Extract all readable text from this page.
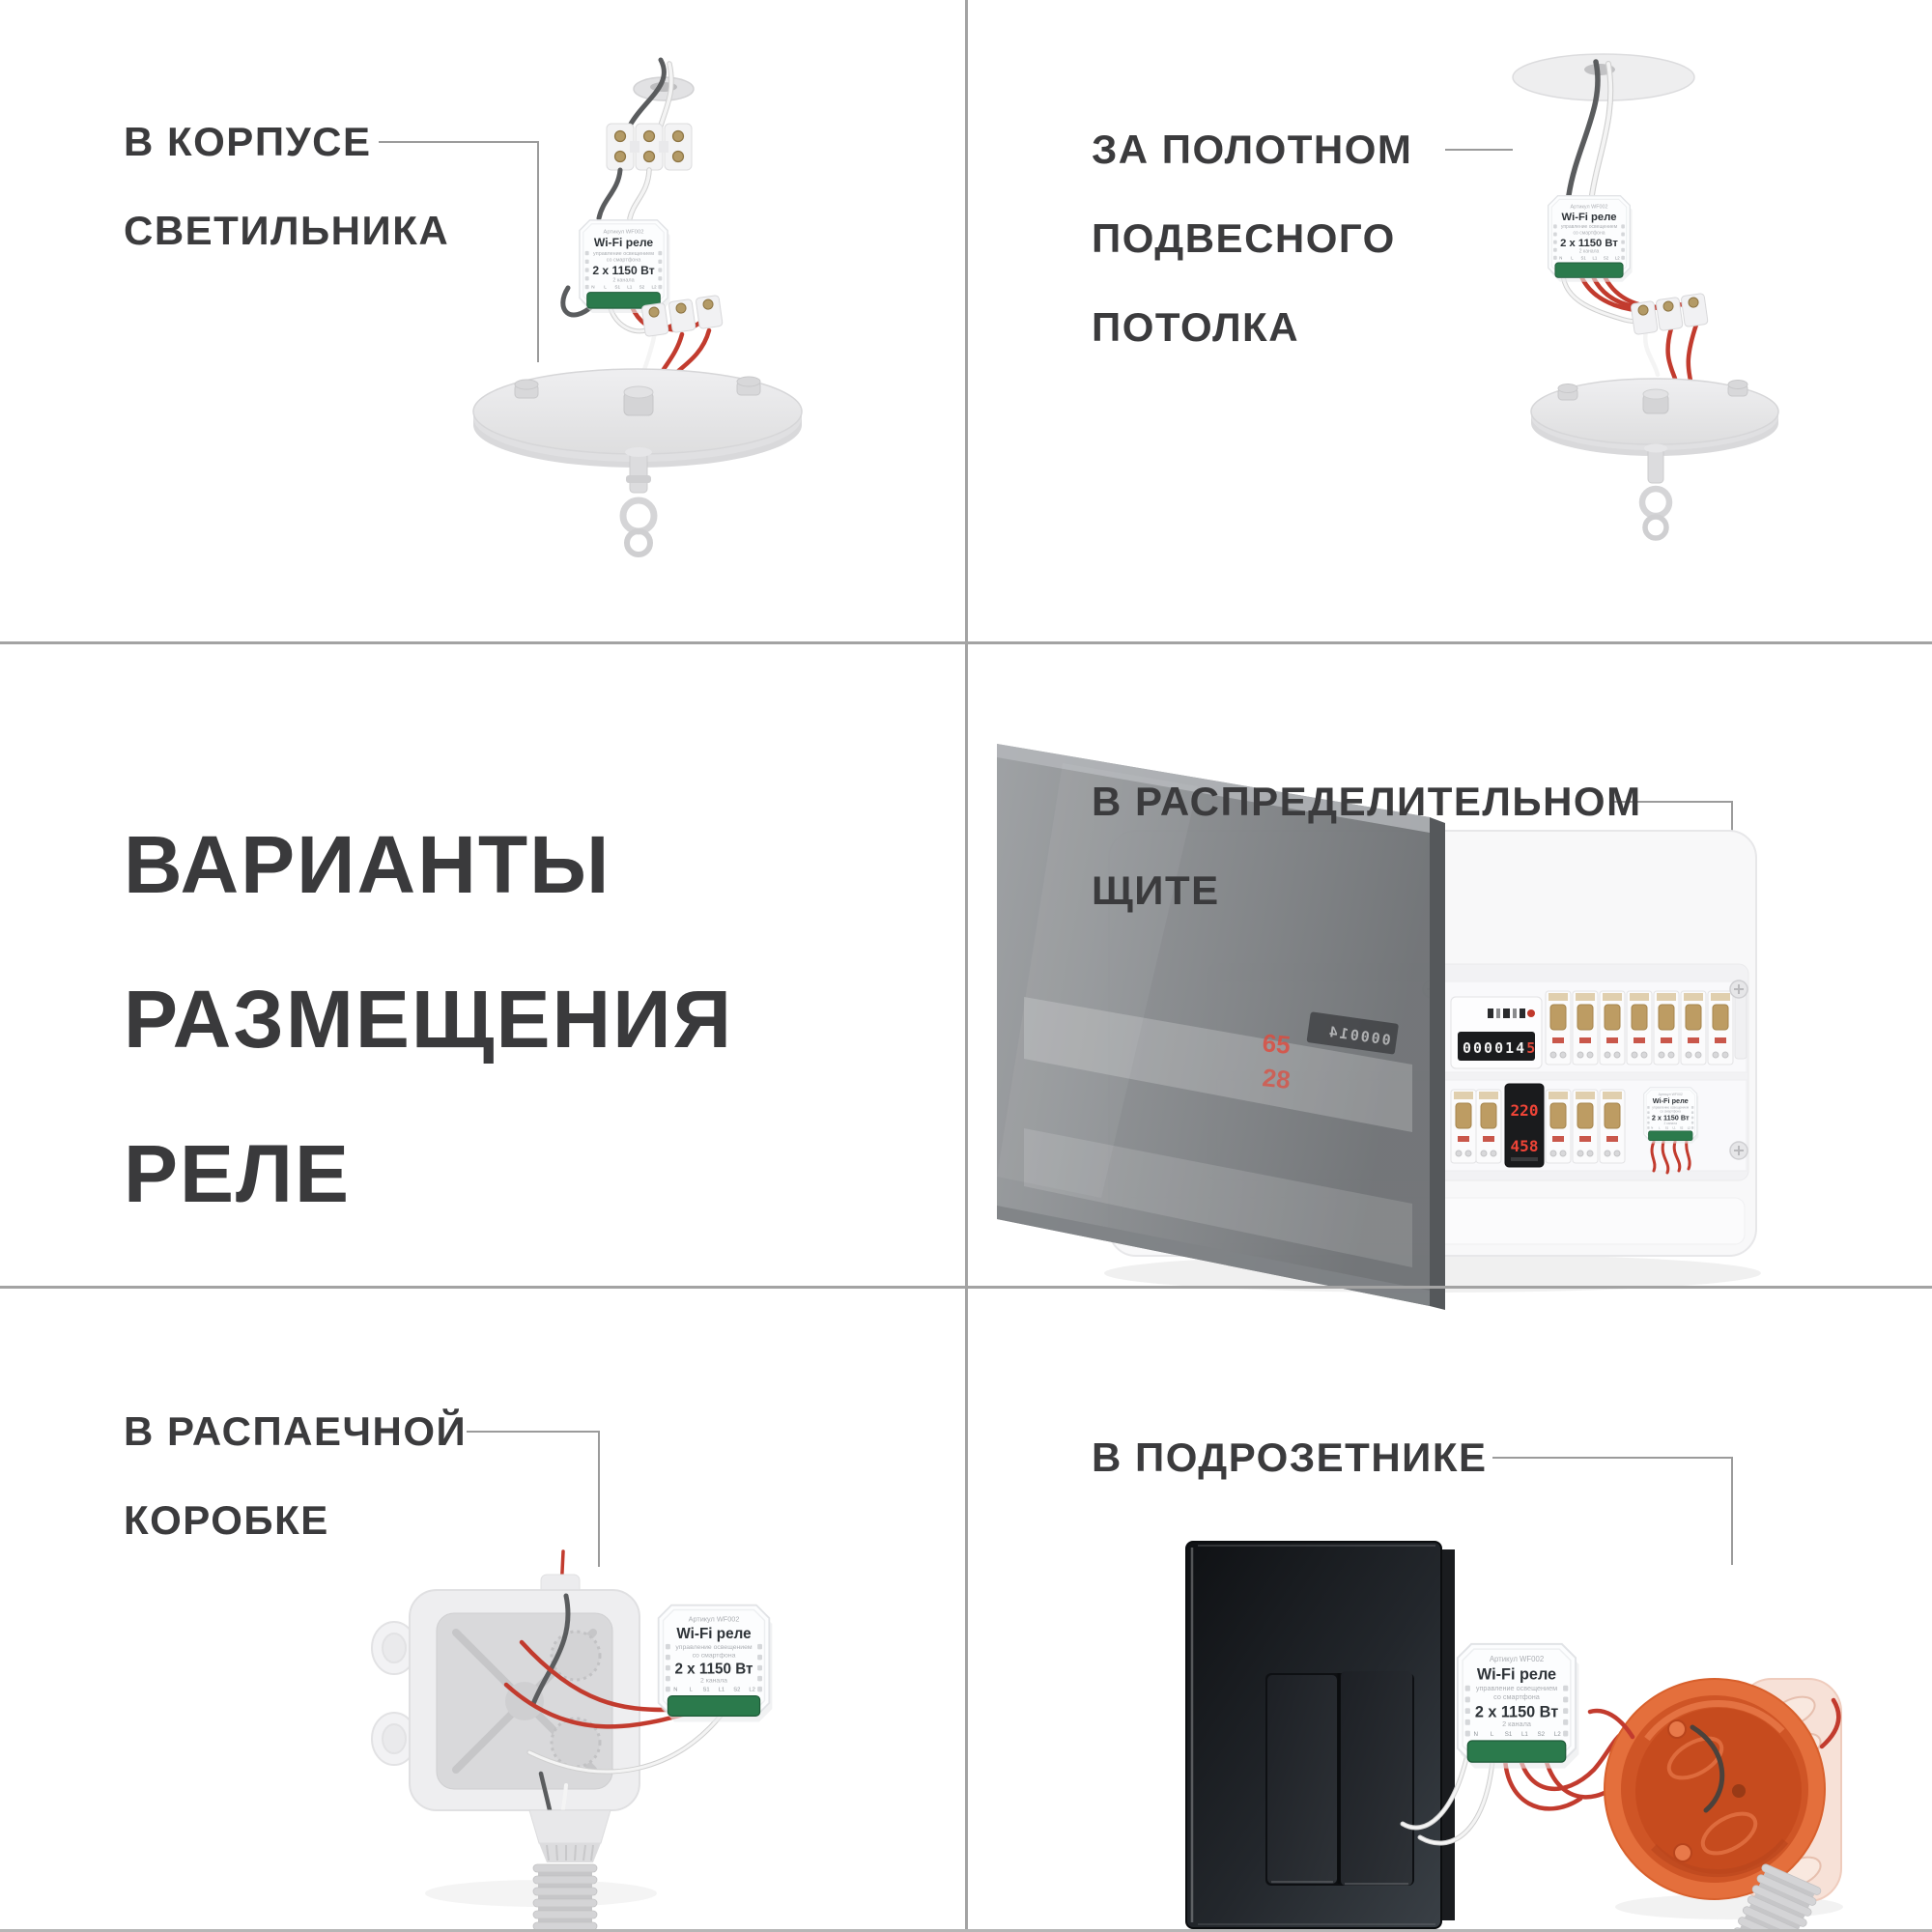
Артикул WF002
Wi-Fi реле
управление освещением
со смартфона
2 x 1150 Вт
2 канала
N L S1 L1 S2 L2
Артикул WF002
Wi-Fi реле
управление освещением
со смартфона
2 x 1150 Вт
2 канала
N L S1 L1 S2 L2
0000145
220
458
Артикул WF002
Wi-Fi реле
управление освещением
со смартфона
2 x 1150 Вт
2 канала
N L S1 L1 S2 L2
65
28
000014
Артикул WF002
Wi-Fi реле
управление освещением
со смартфона
2 x 1150 Вт
2 канала
N	L S1 L1 S2 L2
Артикул WF002
Wi-Fi реле
управление освещением
со смартфона
2 x 1150 Вт
2 канала
N	L S1 L1 S2 L2
В КОРПУСЕ
СВЕТИЛЬНИКА
ЗА ПОЛОТНОМ
ПОДВЕСНОГО
ПОТОЛКА
ВАРИАНТЫ
РАЗМЕЩЕНИЯ
РЕЛЕ
В РАСПРЕДЕЛИТЕЛЬНОМ
ЩИТЕ
В РАСПАЕЧНОЙ
КОРОБКЕ
В ПОДРОЗЕТНИКЕ
